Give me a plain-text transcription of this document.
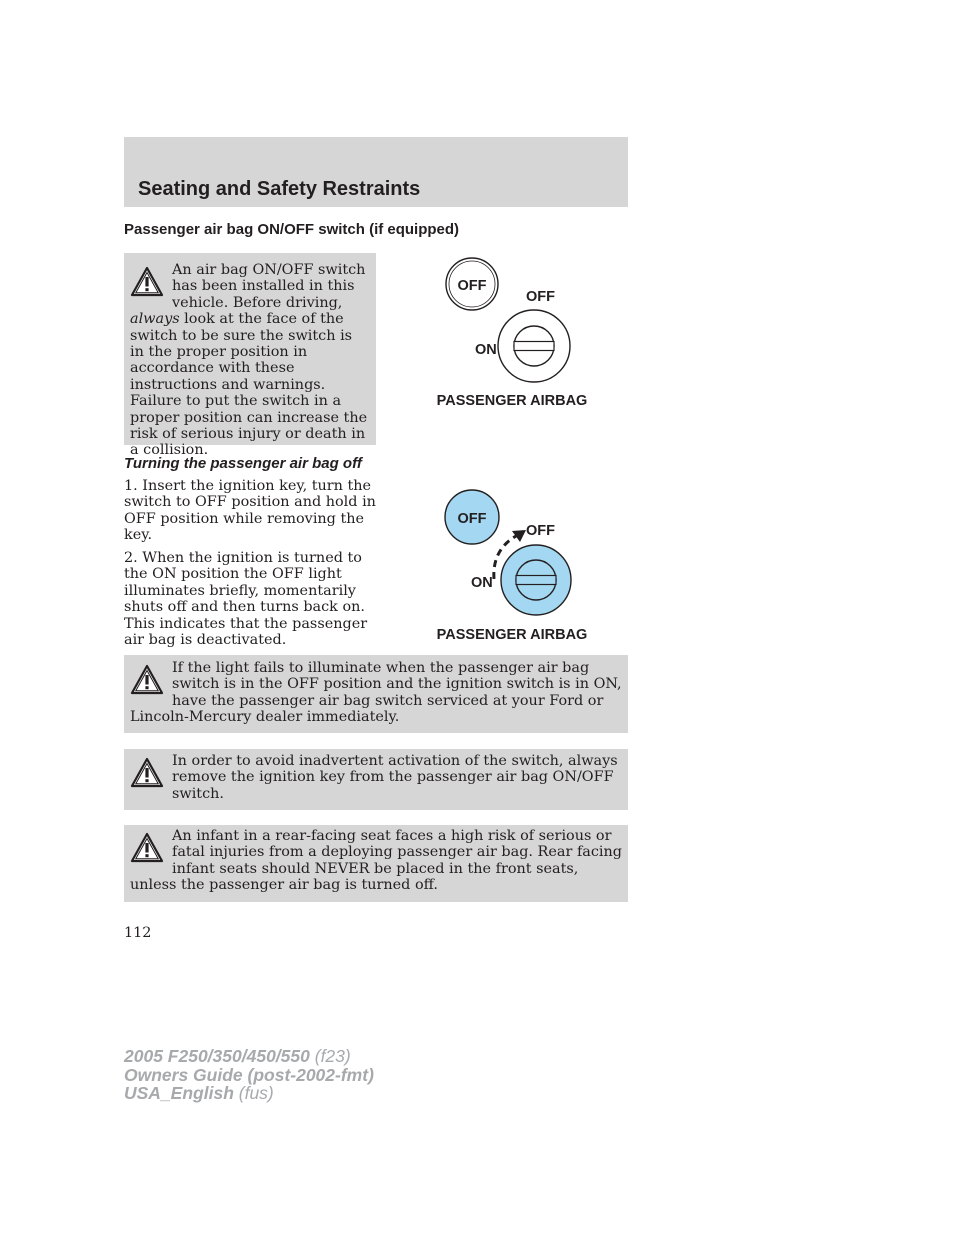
Seating and Safety Restraints
Passenger air bag ON/OFF switch (if equipped)

An air bag ON/OFF switch has been installed in this vehicle. Before driving, always look at the face of the switch to be sure the switch is in the proper position in accordance with these instructions and warnings. Failure to put the switch in a proper position can increase the risk of serious injury or death in a collision.

OFF
OFF
ON
PASSENGER AIRBAG
Turning the passenger air bag off

1. Insert the ignition key, turn the switch to OFF position and hold in OFF position while removing the key.

2. When the ignition is turned to the ON position the OFF light illuminates briefly, momentarily shuts off and then turns back on. This indicates that the passenger air bag is deactivated.

OFF
OFF
ON
PASSENGER AIRBAG

If the light fails to illuminate when the passenger air bag switch is in the OFF position and the ignition switch is in ON, have the passenger air bag switch serviced at your Ford or Lincoln-Mercury dealer immediately.

In order to avoid inadvertent activation of the switch, always remove the ignition key from the passenger air bag ON/OFF switch.

An infant in a rear-facing seat faces a high risk of serious or fatal injuries from a deploying passenger air bag. Rear facing infant seats should NEVER be placed in the front seats, unless the passenger air bag is turned off.

112

2005 F250/350/450/550 (f23)
Owners Guide (post-2002-fmt)
USA_English (fus)
